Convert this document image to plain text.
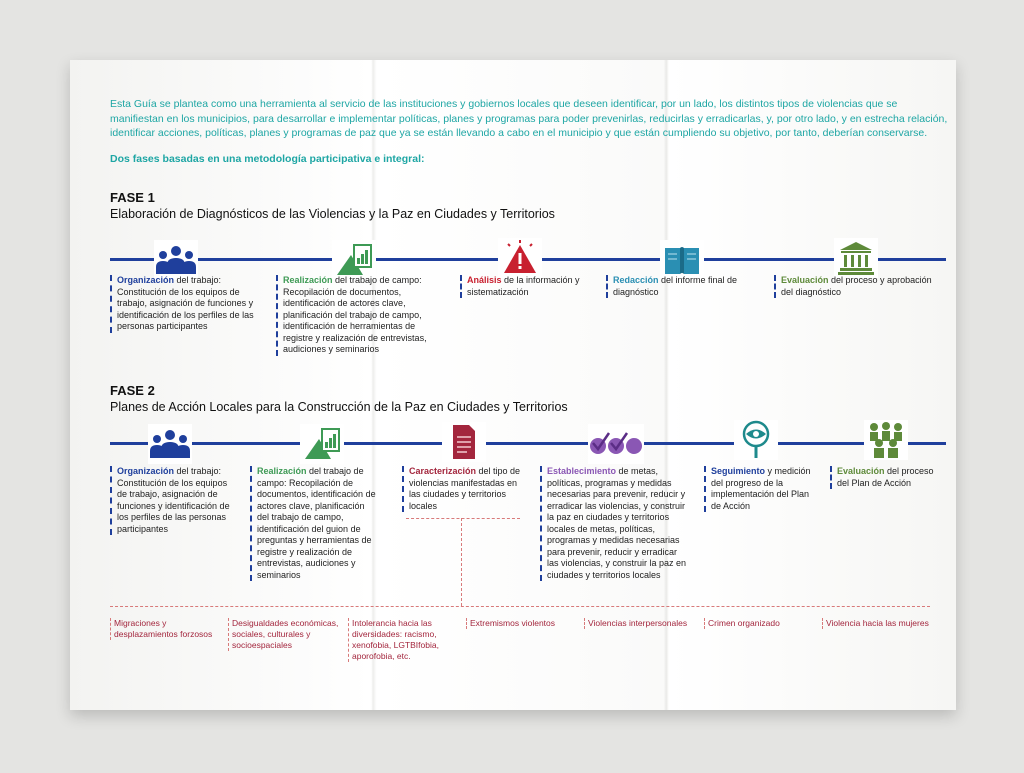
Esta Guía se plantea como una herramienta al servicio de las instituciones y gobiernos locales que deseen identificar, por un lado, los distintos tipos de violencias que se manifiestan en los municipios, para desarrollar e implementar políticas, planes y programas para poder prevenirlas, reducirlas y erradicarlas, y, por otro lado, y en estrecha relación, identificar acciones, políticas, planes y programas de paz que ya se están llevando a cabo en el municipio y que están cumpliendo su objetivo, por tanto, deberían conservarse.

Dos fases basadas en una metodología participativa e integral:

FASE 1

Elaboración de Diagnósticos de las Violencias y la Paz en Ciudades y Territorios

Organización del trabajo: Constitución de los equipos de trabajo, asignación de funciones y identificación de los perfiles de las personas participantes

Realización del trabajo de campo: Recopilación de documentos, identificación de actores clave, planificación del trabajo de campo, identificación de herramientas de registre y realización de entrevistas, audiciones y seminarios

Análisis de la información y sistematización

Redacción del informe final de diagnóstico

Evaluación del proceso y aprobación del diagnóstico

FASE 2

Planes de Acción Locales para la Construcción de la Paz en Ciudades y Territorios

Organización del trabajo: Constitución de los equipos de trabajo, asignación de funciones y identificación de los perfiles de las personas participantes

Realización del trabajo de campo: Recopilación de documentos, identificación de actores clave, planificación del trabajo de campo, identificación del guion de preguntas y herramientas de registre y realización de entrevistas, audiciones y seminarios

Caracterización del tipo de violencias manifestadas en las ciudades y territorios locales

Establecimiento de metas, políticas, programas y medidas necesarias para prevenir, reducir y erradicar las violencias, y construir la paz en ciudades y territorios locales de metas, políticas, programas y medidas necesarias para prevenir, reducir y erradicar las violencias, y construir la paz en ciudades y territorios locales

Seguimiento y medición del progreso de la implementación del Plan de Acción

Evaluación del proceso del Plan de Acción

Migraciones y desplazamientos forzosos

Desigualdades económicas, sociales, culturales y socioespaciales

Intolerancia hacia las diversidades: racismo, xenofobia, LGTBIfobia, aporofobia, etc.

Extremismos violentos	Violencias interpersonales	Crimen organizado	Violencia hacia las mujeres
